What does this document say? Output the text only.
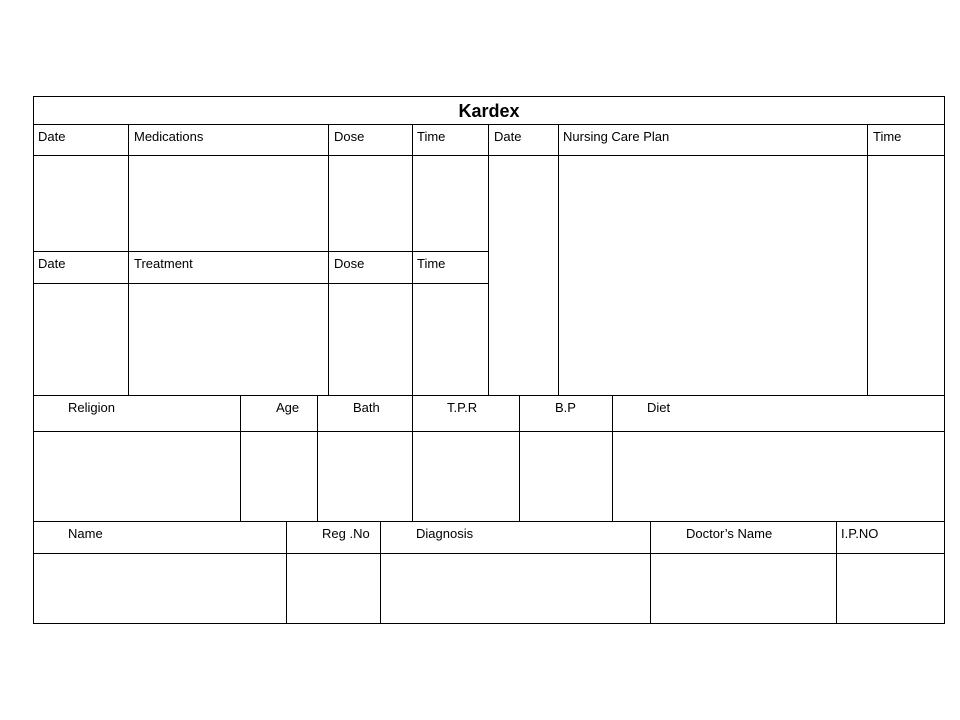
Kardex
Date	Medications	Dose	Time	Date	Nursing Care Plan	Time
Date	Treatment	Dose	Time
Religion	Age	Bath	T.P.R	B.P	Diet
Name	Reg .No	Diagnosis	Doctor’s Name	I.P.NO
